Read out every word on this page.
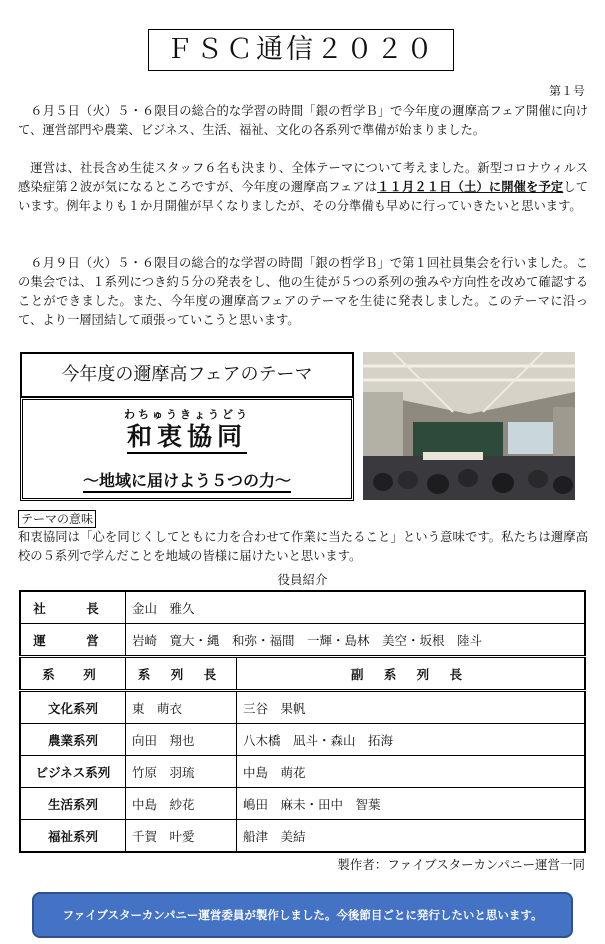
ＦＳＣ通信２０２０
第１号

６月５日（火）５・６限目の総合的な学習の時間「銀の哲学Ｂ」で今年度の邇摩高フェア開催に向けて、運営部門や農業、ビジネス、生活、福祉、文化の各系列で準備が始まりました。

運営は、社長含め生徒スタッフ６名も決まり、全体テーマについて考えました。新型コロナウィルス感染症第２波が気になるところですが、今年度の邇摩高フェアは１１月２１日（土）に開催を予定しています。例年よりも１か月開催が早くなりましたが、その分準備も早めに行っていきたいと思います。

６月９日（火）５・６限目の総合的な学習の時間「銀の哲学Ｂ」で第１回社員集会を行いました。この集会では、１系列につき約５分の発表をし、他の生徒が５つの系列の強みや方向性を改めて確認することができました。また、今年度の邇摩高フェアのテーマを生徒に発表しました。このテーマに沿って、より一層団結して頑張っていこうと思います。

今年度の邇摩高フェアのテーマ
わちゅうきょうどう
和衷協同
～地域に届けよう５つの力～
テーマの意味

和衷協同は「心を同じくしてともに力を合わせて作業に当たること」という意味です。私たちは邇摩高校の５系列で学んだことを地域の皆様に届けたいと思います。

役員紹介
社　長	金山　雅久	
運　営	岩崎　寛大・縄　和弥・福間　一輝・島林　美空・坂根　陸斗	
系　列	系 列 長	副 系 列 長
文化系列	東　萌衣	三谷　果帆
農業系列	向田　翔也	八木橋　凪斗・森山　拓海
ビジネス系列	竹原　羽琉	中島　萌花
生活系列	中島　紗花	嶋田　麻未・田中　智葉
福祉系列	千賀　叶愛	船津　美結
製作者：ファイブスターカンパニー運営一同
ファイブスターカンパニー運営委員が製作しました。今後節目ごとに発行したいと思います。
